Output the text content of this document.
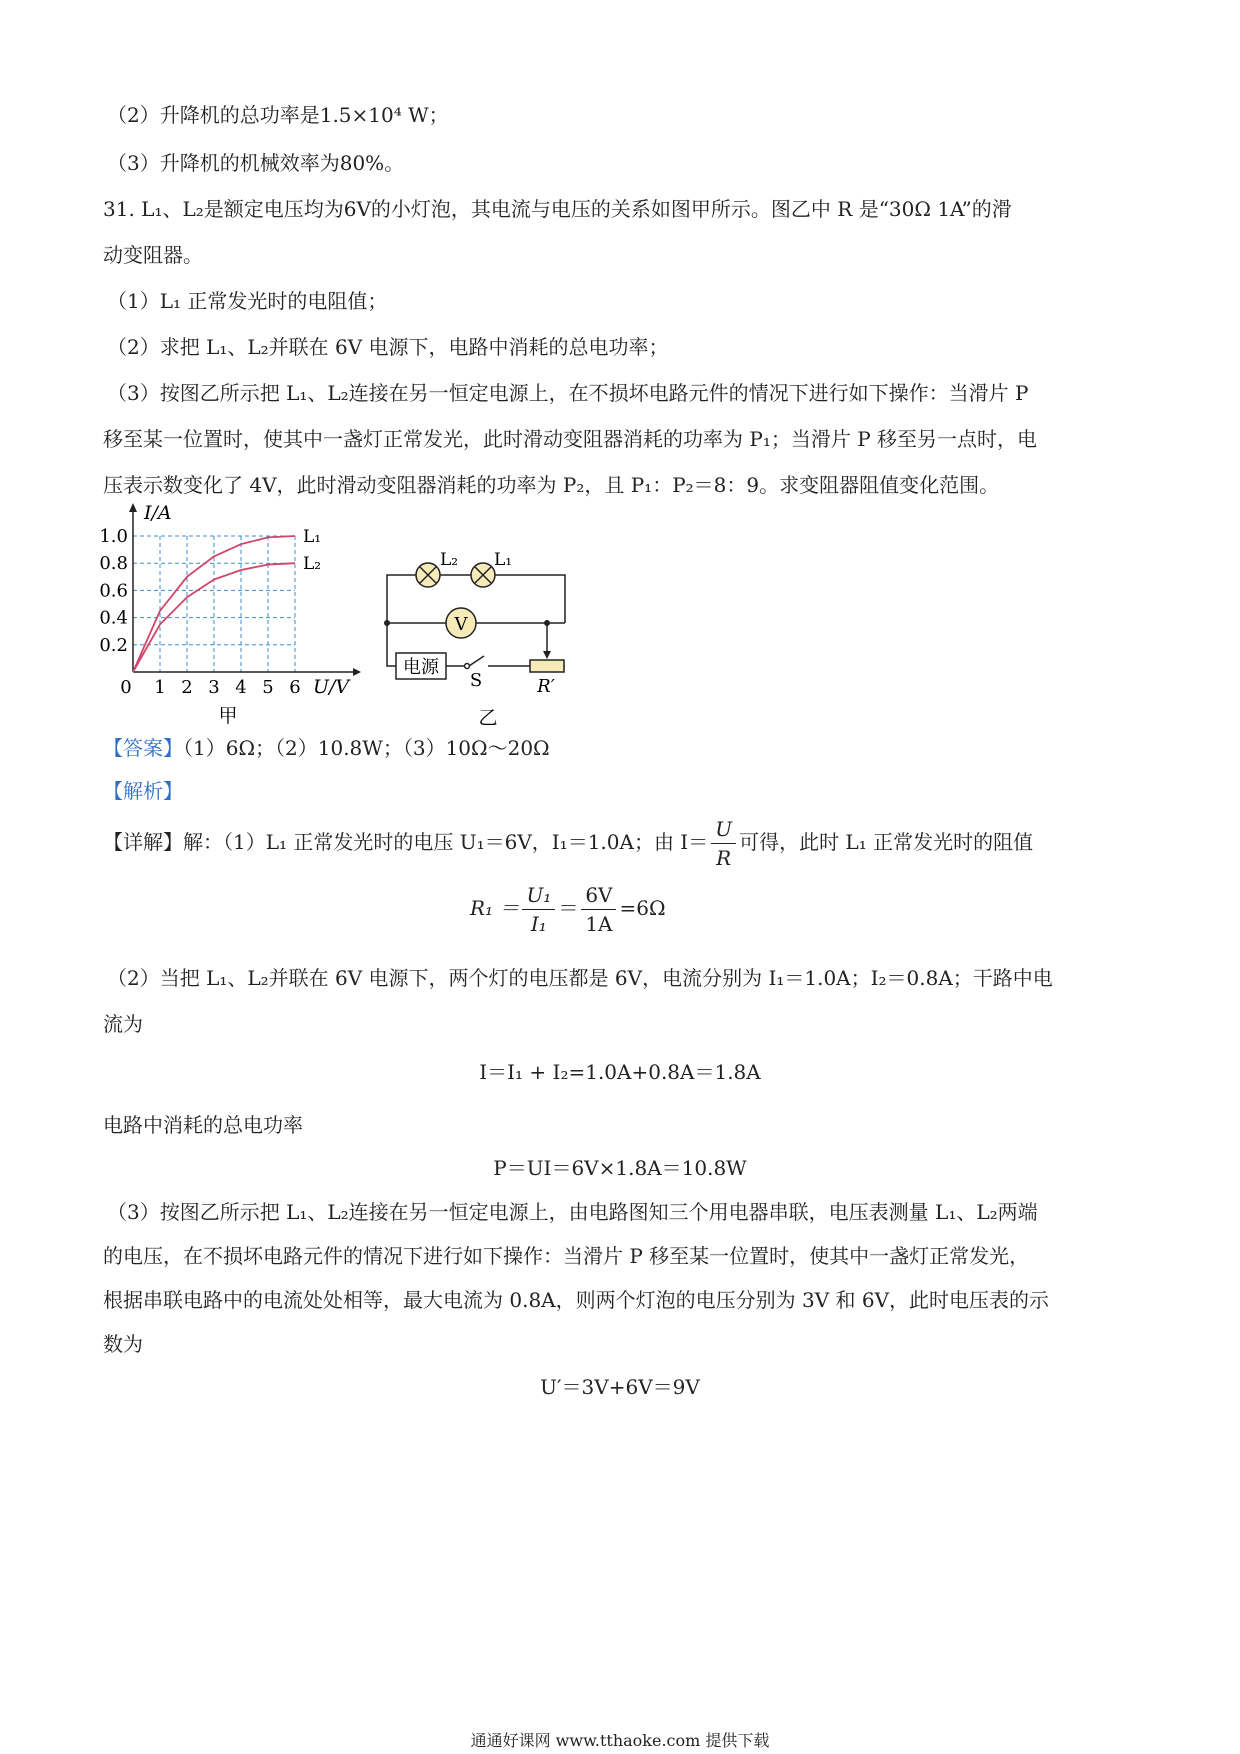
（2）升降机的总功率是1.5×10⁴ W；
（3）升降机的机械效率为80%。
31. L₁、L₂是额定电压均为6V的小灯泡，其电流与电压的关系如图甲所示。图乙中 R 是“30Ω 1A”的滑
动变阻器。
（1）L₁ 正常发光时的电阻值；
（2）求把 L₁、L₂并联在 6V 电源下，电路中消耗的总电功率；
（3）按图乙所示把 L₁、L₂连接在另一恒定电源上，在不损坏电路元件的情况下进行如下操作：当滑片 P
移至某一位置时，使其中一盏灯正常发光，此时滑动变阻器消耗的功率为 P₁；当滑片 P 移至另一点时，电
压表示数变化了 4V，此时滑动变阻器消耗的功率为 P₂，且 P₁：P₂＝8：9。求变阻器阻值变化范围。
I/A
U/V
0 1 2 3 4 5 6
0.2
0.4
0.6
0.8
1.0	L₁
L₂
甲
L₂ L₁
V
电源
S	R′
乙
【答案】（1）6Ω；（2）10.8W；（3）10Ω～20Ω
【解析】
【详解】解：（1）L₁ 正常发光时的电压 U₁＝6V，I₁＝1.0A；由 $I= \frac{U}{R}$ 可得，此时 L₁ 正常发光时的阻值
$R_1 = \frac{\text{U₁}}{\text{I₁}} = \frac{6V}{1A} =6\Omega$
（2）当把 L₁、L₂并联在 6V 电源下，两个灯的电压都是 6V，电流分别为 I₁＝1.0A；I₂＝0.8A；干路中电
流为
I＝I₁ + I₂=1.0A+0.8A＝1.8A
电路中消耗的总电功率
P＝UI＝6V×1.8A＝10.8W
（3）按图乙所示把 L₁、L₂连接在另一恒定电源上，由电路图知三个用电器串联，电压表测量 L₁、L₂两端
的电压，在不损坏电路元件的情况下进行如下操作：当滑片 P 移至某一位置时，使其中一盏灯正常发光，
根据串联电路中的电流处处相等，最大电流为 0.8A，则两个灯泡的电压分别为 3V 和 6V，此时电压表的示
数为
U′＝3V+6V＝9V
通通好课网 www.tthaoke.com 提供下载
